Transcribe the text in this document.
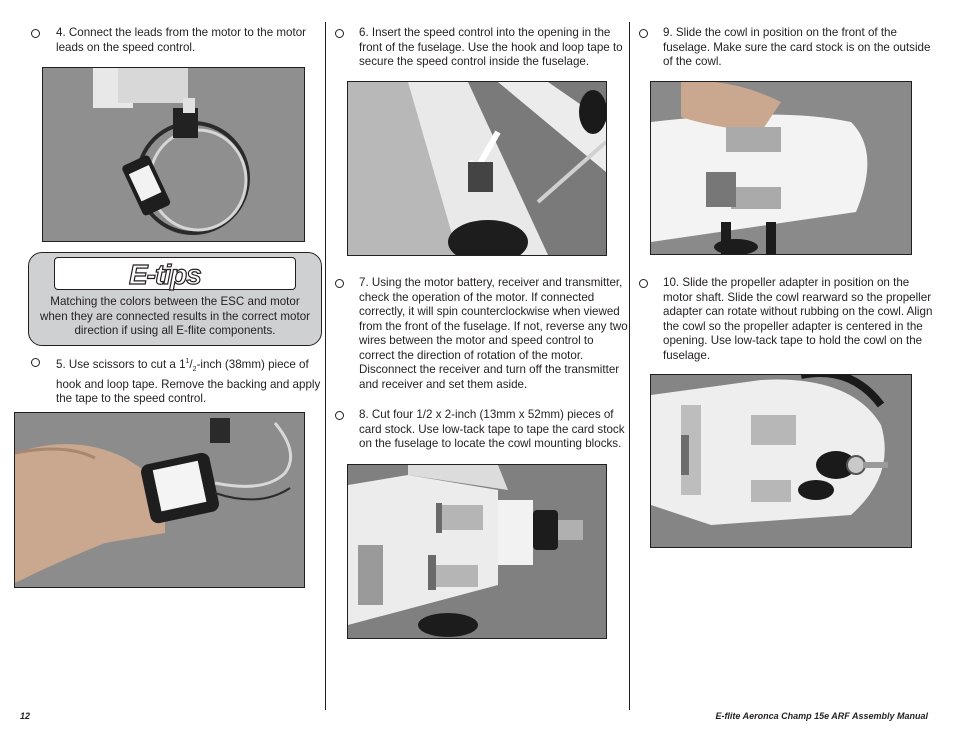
4. Connect the leads from the motor to the motor leads on the speed control.
E-tips
Matching the colors between the ESC and motor when they are connected results in the correct motor direction if using all E-flite components.
5. Use scissors to cut a $1^1/_2$-inch (38mm) piece of hook and loop tape. Remove the backing and apply the tape to the speed control.
6. Insert the speed control into the opening in the front of the fuselage. Use the hook and loop tape to secure the speed control inside the fuselage.
7. Using the motor battery, receiver and transmitter, check the operation of the motor. If connected correctly, it will spin counterclockwise when viewed from the front of the fuselage. If not, reverse any two wires between the motor and speed control to correct the direction of rotation of the motor. Disconnect the receiver and turn off the transmitter and receiver and set them aside.
8. Cut four 1/2 x 2-inch (13mm x 52mm) pieces of card stock. Use low-tack tape to tape the card stock on the fuselage to locate the cowl mounting blocks.
9. Slide the cowl in position on the front of the fuselage. Make sure the card stock is on the outside of the cowl.
10. Slide the propeller adapter in position on the motor shaft. Slide the cowl rearward so the propeller adapter can rotate without rubbing on the cowl. Align the cowl so the propeller adapter is centered in the opening. Use low-tack tape to hold the cowl on the fuselage.
12	E-flite Aeronca Champ 15e ARF Assembly Manual
